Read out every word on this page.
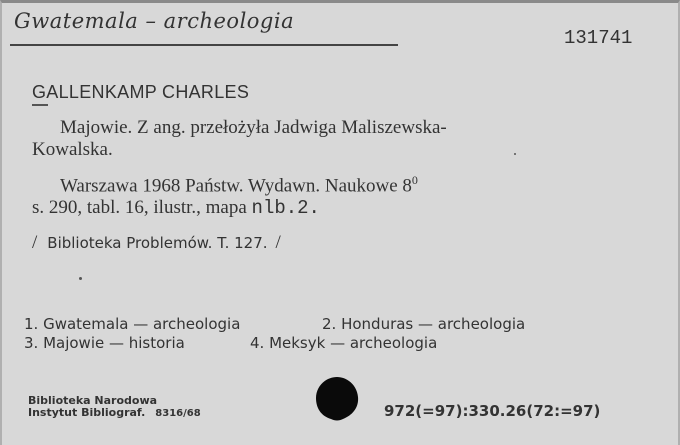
Gwatemala – archeologia
131741
GALLENKAMP CHARLES
Majowie. Z ang. przełożyła Jadwiga Maliszewska-
Kowalska.
Warszawa 1968 Państw. Wydawn. Naukowe $8^0$
s. 290, tabl. 16, ilustr., mapa nlb.2.
/ Biblioteka Problemów. T. 127. /
1. Gwatemala — archeologia	2. Honduras — archeologia
3. Majowie — historia	4. Meksyk — archeologia
Biblioteka Narodowa
Instytut Bibliograf. 8316/68	972(=97):330.26(72:=97)
